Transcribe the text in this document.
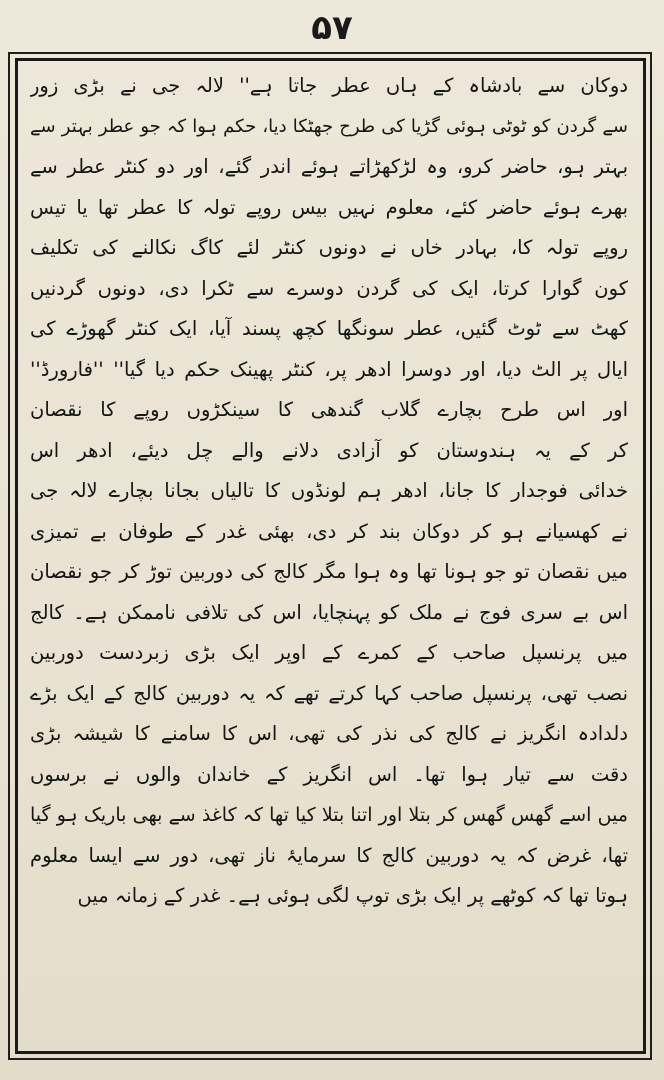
۵۷
دوکان سے بادشاہ کے ہاں عطر جاتا ہے'' لالہ جی نے بڑی زور
سے گردن کو ٹوٹی ہوئی گڑیا کی طرح جھٹکا دیا، حکم ہوا کہ جو عطر بہتر سے
بہتر ہو، حاضر کرو، وہ لڑکھڑاتے ہوئے اندر گئے، اور دو کنٹر عطر سے
بھرے ہوئے حاضر کئے، معلوم نہیں بیس روپے تولہ کا عطر تھا یا تیس
روپے تولہ کا، بہادر خاں نے دونوں کنٹر لئے کاگ نکالنے کی تکلیف
کون گوارا کرتا، ایک کی گردن دوسرے سے ٹکرا دی، دونوں گردنیں
کھٹ سے ٹوٹ گئیں، عطر سونگھا کچھ پسند آیا، ایک کنٹر گھوڑے کی
ایال پر الٹ دیا، اور دوسرا ادھر پر، کنٹر پھینک حکم دیا گیا'' ''فارورڈ''
اور اس طرح بچارے گلاب گندھی کا سینکڑوں روپے کا نقصان
کر کے یہ ہندوستان کو آزادی دلانے والے چل دیئے، ادھر اس
خدائی فوجدار کا جانا، ادھر ہم لونڈوں کا تالیاں بجانا بچارے لالہ جی
نے کھسیانے ہو کر دوکان بند کر دی، بھئی غدر کے طوفان بے تمیزی
میں نقصان تو جو ہونا تھا وہ ہوا مگر کالج کی دوربین توڑ کر جو نقصان
اس بے سری فوج نے ملک کو پہنچایا، اس کی تلافی ناممکن ہے۔ کالج
میں پرنسپل صاحب کے کمرے کے اوپر ایک بڑی زبردست دوربین
نصب تھی، پرنسپل صاحب کہا کرتے تھے کہ یہ دوربین کالج کے ایک بڑے
دلدادہ انگریز نے کالج کی نذر کی تھی، اس کا سامنے کا شیشہ بڑی
دقت سے تیار ہوا تھا۔ اس انگریز کے خاندان والوں نے برسوں
میں اسے گھس گھس کر بتلا اور اتنا بتلا کیا تھا کہ کاغذ سے بھی باریک ہو گیا
تھا، غرض کہ یہ دوربین کالج کا سرمایۂ ناز تھی، دور سے ایسا معلوم
ہوتا تھا کہ کوٹھے پر ایک بڑی توپ لگی ہوئی ہے۔ غدر کے زمانہ میں
